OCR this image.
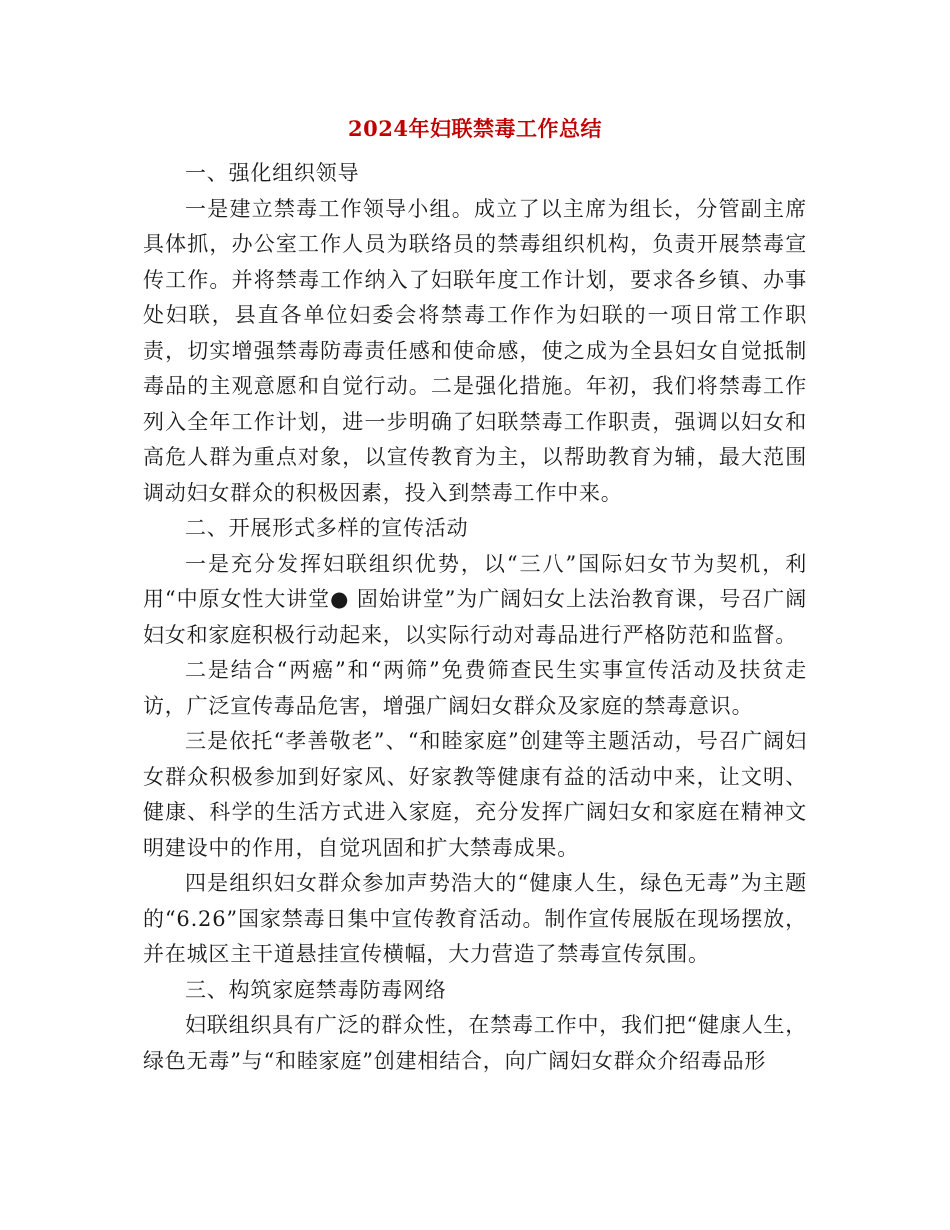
2024年妇联禁毒工作总结

一、强化组织领导

一是建立禁毒工作领导小组。成立了以主席为组长，分管副主席具体抓，办公室工作人员为联络员的禁毒组织机构，负责开展禁毒宣传工作。并将禁毒工作纳入了妇联年度工作计划，要求各乡镇、办事处妇联，县直各单位妇委会将禁毒工作作为妇联的一项日常工作职责，切实增强禁毒防毒责任感和使命感，使之成为全县妇女自觉抵制毒品的主观意愿和自觉行动。二是强化措施。年初，我们将禁毒工作列入全年工作计划，进一步明确了妇联禁毒工作职责，强调以妇女和高危人群为重点对象，以宣传教育为主，以帮助教育为辅，最大范围调动妇女群众的积极因素，投入到禁毒工作中来。

二、开展形式多样的宣传活动

一是充分发挥妇联组织优势，以“三八”国际妇女节为契机，利用“中原女性大讲堂● 固始讲堂”为广阔妇女上法治教育课，号召广阔妇女和家庭积极行动起来，以实际行动对毒品进行严格防范和监督。

二是结合“两癌”和“两筛”免费筛查民生实事宣传活动及扶贫走访，广泛宣传毒品危害，增强广阔妇女群众及家庭的禁毒意识。

三是依托“孝善敬老”、“和睦家庭”创建等主题活动，号召广阔妇女群众积极参加到好家风、好家教等健康有益的活动中来，让文明、健康、科学的生活方式进入家庭，充分发挥广阔妇女和家庭在精神文明建设中的作用，自觉巩固和扩大禁毒成果。

四是组织妇女群众参加声势浩大的“健康人生，绿色无毒”为主题的“6.26”国家禁毒日集中宣传教育活动。制作宣传展版在现场摆放，并在城区主干道悬挂宣传横幅，大力营造了禁毒宣传氛围。

三、构筑家庭禁毒防毒网络

妇联组织具有广泛的群众性，在禁毒工作中，我们把“健康人生，绿色无毒”与“和睦家庭”创建相结合，向广阔妇女群众介绍毒品形
